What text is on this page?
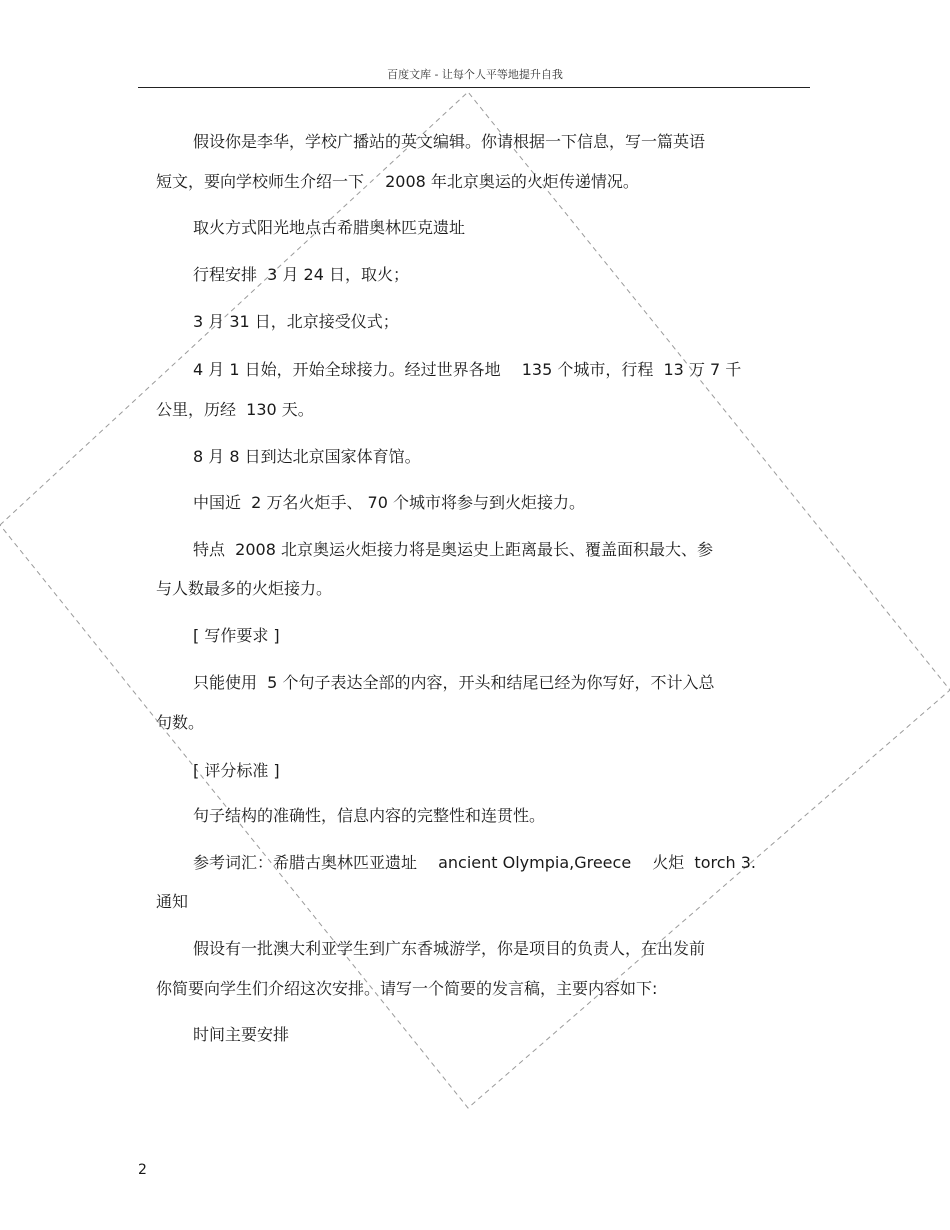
百度文库 - 让每个人平等地提升自我
假设你是李华，学校广播站的英文编辑。你请根据一下信息，写一篇英语
短文，要向学校师生介绍一下　 2008 年北京奥运的火炬传递情况。
取火方式阳光地点古希腊奥林匹克遗址
行程安排  3 月 24 日，取火；
3 月 31 日，北京接受仪式；
4 月 1 日始，开始全球接力。经过世界各地　 135 个城市，行程  13 万 7 千
公里，历经  130 天。
8 月 8 日到达北京国家体育馆。
中国近  2 万名火炬手、 70 个城市将参与到火炬接力。
特点  2008 北京奥运火炬接力将是奥运史上距离最长、覆盖面积最大、参
与人数最多的火炬接力。
[ 写作要求 ]
只能使用  5 个句子表达全部的内容，开头和结尾已经为你写好，不计入总
句数。
[ 评分标准 ]
句子结构的准确性，信息内容的完整性和连贯性。
参考词汇：希腊古奥林匹亚遗址　 ancient Olympia,Greece　 火炬  torch 3.
通知
假设有一批澳大利亚学生到广东香城游学，你是项目的负责人，在出发前
你简要向学生们介绍这次安排。请写一个简要的发言稿，主要内容如下:
时间主要安排
2
